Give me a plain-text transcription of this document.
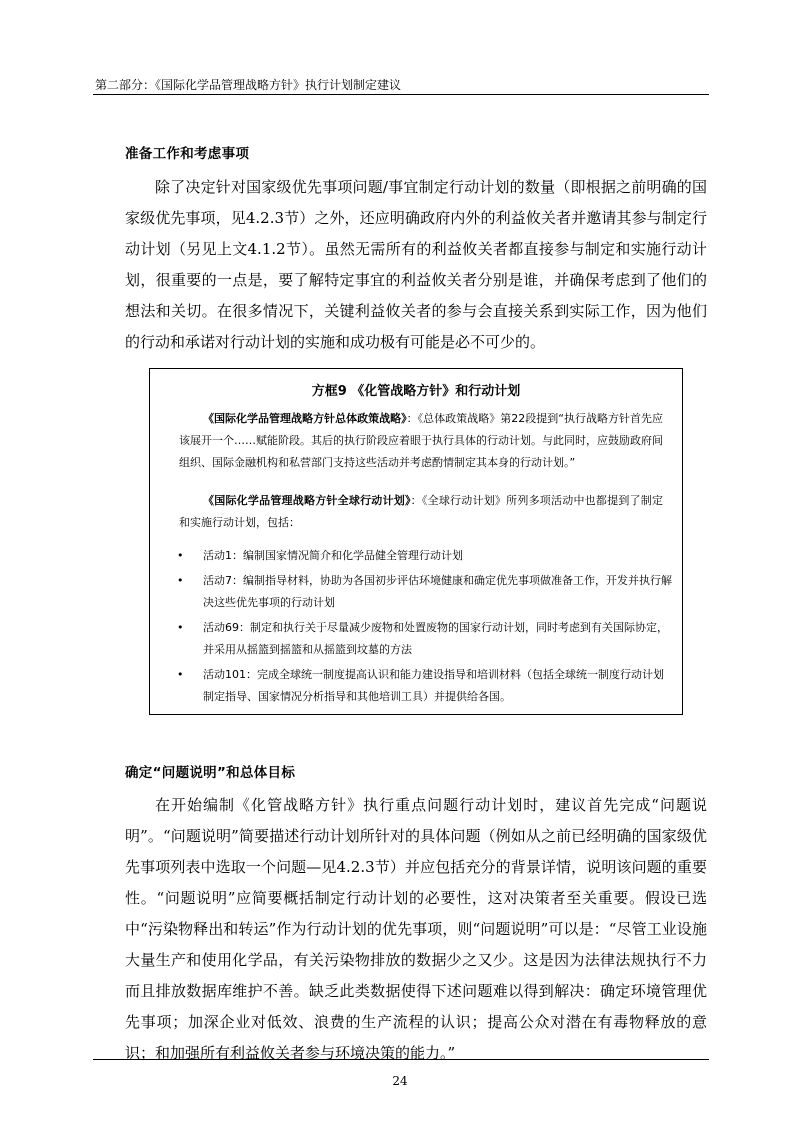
第二部分：《国际化学品管理战略方针》执行计划制定建议
准备工作和考虑事项

除了决定针对国家级优先事项问题/事宜制定行动计划的数量（即根据之前明确的国家级优先事项，见4.2.3节）之外，还应明确政府内外的利益攸关者并邀请其参与制定行动计划（另见上文4.1.2节）。虽然无需所有的利益攸关者都直接参与制定和实施行动计划，很重要的一点是，要了解特定事宜的利益攸关者分别是谁，并确保考虑到了他们的想法和关切。在很多情况下，关键利益攸关者的参与会直接关系到实际工作，因为他们的行动和承诺对行动计划的实施和成功极有可能是必不可少的。

方框9 《化管战略方针》和行动计划

《国际化学品管理战略方针总体政策战略》：《总体政策战略》第22段提到“执行战略方针首先应该展开一个……赋能阶段。其后的执行阶段应着眼于执行具体的行动计划。与此同时，应鼓励政府间组织、国际金融机构和私营部门支持这些活动并考虑酌情制定其本身的行动计划。”

《国际化学品管理战略方针全球行动计划》：《全球行动计划》所列多项活动中也都提到了制定和实施行动计划，包括：

• 活动1：编制国家情况简介和化学品健全管理行动计划
• 活动7：编制指导材料，协助为各国初步评估环境健康和确定优先事项做准备工作，开发并执行解决这些优先事项的行动计划
• 活动69：制定和执行关于尽量减少废物和处置废物的国家行动计划，同时考虑到有关国际协定，并采用从摇篮到摇篮和从摇篮到坟墓的方法
• 活动101：完成全球统一制度提高认识和能力建设指导和培训材料（包括全球统一制度行动计划制定指导、国家情况分析指导和其他培训工具）并提供给各国。
确定“问题说明”和总体目标

在开始编制《化管战略方针》执行重点问题行动计划时，建议首先完成“问题说明”。“问题说明”简要描述行动计划所针对的具体问题（例如从之前已经明确的国家级优先事项列表中选取一个问题—见4.2.3节）并应包括充分的背景详情，说明该问题的重要性。“问题说明”应简要概括制定行动计划的必要性，这对决策者至关重要。假设已选中“污染物释出和转运”作为行动计划的优先事项，则“问题说明”可以是：“尽管工业设施大量生产和使用化学品，有关污染物排放的数据少之又少。这是因为法律法规执行不力而且排放数据库维护不善。缺乏此类数据使得下述问题难以得到解决：确定环境管理优先事项；加深企业对低效、浪费的生产流程的认识；提高公众对潜在有毒物释放的意识；和加强所有利益攸关者参与环境决策的能力。”

24
